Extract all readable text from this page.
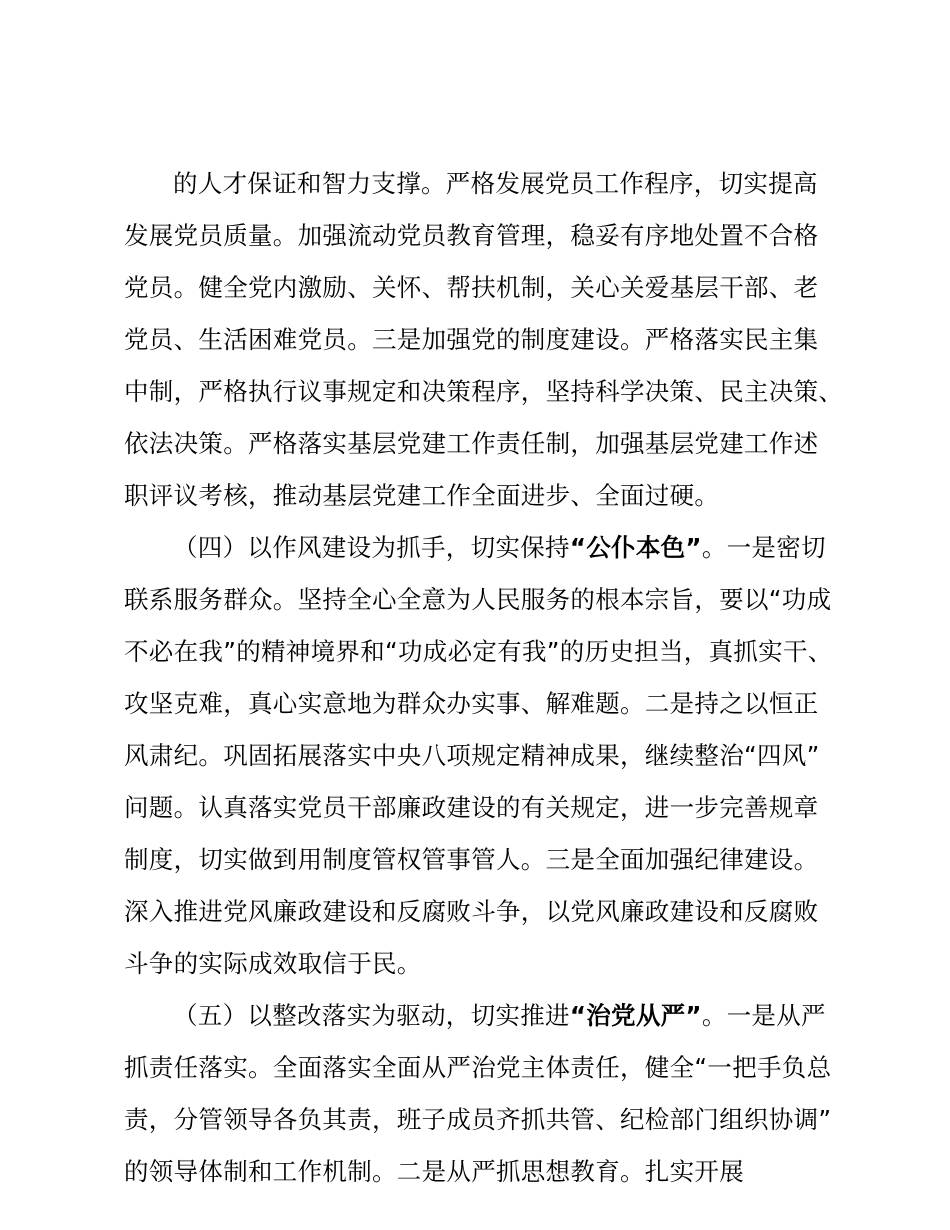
的人才保证和智力支撑。严格发展党员工作程序，切实提高
发展党员质量。加强流动党员教育管理，稳妥有序地处置不合格
党员。健全党内激励、关怀、帮扶机制，关心关爱基层干部、老
党员、生活困难党员。三是加强党的制度建设。严格落实民主集
中制，严格执行议事规定和决策程序，坚持科学决策、民主决策、
依法决策。严格落实基层党建工作责任制，加强基层党建工作述
职评议考核，推动基层党建工作全面进步、全面过硬。
（四）以作风建设为抓手，切实保持“公仆本色”。一是密切
联系服务群众。坚持全心全意为人民服务的根本宗旨，要以“功成
不必在我”的精神境界和“功成必定有我”的历史担当，真抓实干、
攻坚克难，真心实意地为群众办实事、解难题。二是持之以恒正
风肃纪。巩固拓展落实中央八项规定精神成果，继续整治“四风”
问题。认真落实党员干部廉政建设的有关规定，进一步完善规章
制度，切实做到用制度管权管事管人。三是全面加强纪律建设。
深入推进党风廉政建设和反腐败斗争，以党风廉政建设和反腐败
斗争的实际成效取信于民。
（五）以整改落实为驱动，切实推进“治党从严”。一是从严
抓责任落实。全面落实全面从严治党主体责任，健全“一把手负总
责，分管领导各负其责，班子成员齐抓共管、纪检部门组织协调”
的领导体制和工作机制。二是从严抓思想教育。扎实开展
